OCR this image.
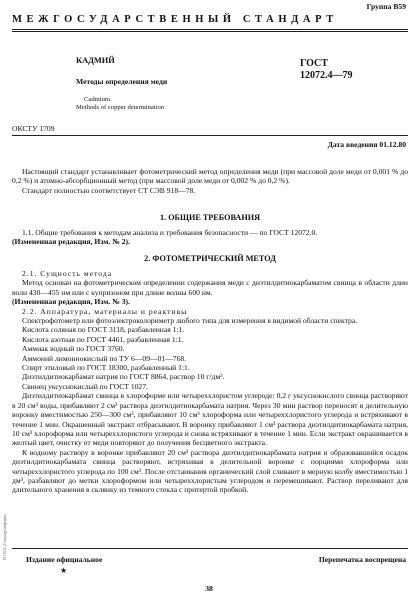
Группа В59
МЕЖГОСУДАРСТВЕННЫЙ СТАНДАРТ
КАДМИЙ
Методы определения меди
Cadmium.
Methods of copper determination
ГОСТ
12072.4—79
ОКСТУ 1709
Дата введения 01.12.80

Настоящий стандарт устанавливает фотометрический метод определения меди (при массовой доле меди от 0,001 % до 0,2 %) и атомно-абсорбционный метод (при массовой доле меди от 0,002 % до 0,2 %).

Стандарт полностью соответствует СТ СЭВ 918—78.

1. ОБЩИЕ ТРЕБОВАНИЯ

1.1. Общие требования к методам анализа и требования безопасности — по ГОСТ 12072.0.

(Измененная редакция, Изм. № 2).

2. ФОТОМЕТРИЧЕСКИЙ МЕТОД

2.1. Сущность метода

Метод основан на фотометрическом определении содержания меди с диэтилдитиокарбаматом свинца в области длин волн 430—455 нм или с купризоном при длине волны 600 нм.

(Измененная редакция, Изм. № 3).

2.2. Аппаратура, материалы и реактивы

Спектрофотометр или фотоэлектроколориметр любого типа для измерения в видимой области спектра.

Кислота соляная по ГОСТ 3118, разбавленная 1:1.

Кислота азотная по ГОСТ 4461, разбавленная 1:1.

Аммиак водный по ГОСТ 3760.

Аммоний лимоннокислый по ТУ 6—09—01—768.

Спирт этиловый по ГОСТ 18300, разбавленный 1:1.

Диэтилдитиокарбамат натрия по ГОСТ 8864, раствор 10 г/дм³.

Свинец уксуснокислый по ГОСТ 1027.

Диэтилдитиокарбамат свинца в хлороформе или четыреххлористом углероде: 0,2 г уксуснокислого свинца растворяют в 20 см³ воды, прибавляют 2 см³ раствора диэтилдитиокарбамата натрия. Через 30 мин раствор переносят в делительную воронку вместимостью 250—300 см³, прибавляют 10 см³ хлороформа или четыреххлористого углерода и встряхивают в течение 1 мин. Окрашенный экстракт отбрасывают. В воронку прибавляют 1 см³ раствора диэтилдитиокарбамата натрия, 10 см³ хлороформа или четыреххлористого углерода и снова встряхивают в течение 1 мин. Если экстракт окрашивается в желтый цвет, очистку от меди повторяют до получения бесцветного экстракта.

К водному раствору в воронке прибавляют 20 см³ раствора диэтилдитиокарбамата натрия и образовавшийся осадок диэтилдитиокарбамата свинца растворяют, встряхивая в делительной воронке с порциями хлороформа или четыреххлористого углерода по 100 см³. После отстаивания органический слой сливают в мерную колбу вместимостью 1 дм³, разбавляют до метки хлороформом или четыреххлористым углеродом и перемешивают. Раствор переливают для длительного хранения в склянку из темного стекла с притертой пробкой.

Издание официальное	Перепечатка воспрещена
★
38
И 1024 «Стандартинформ»
